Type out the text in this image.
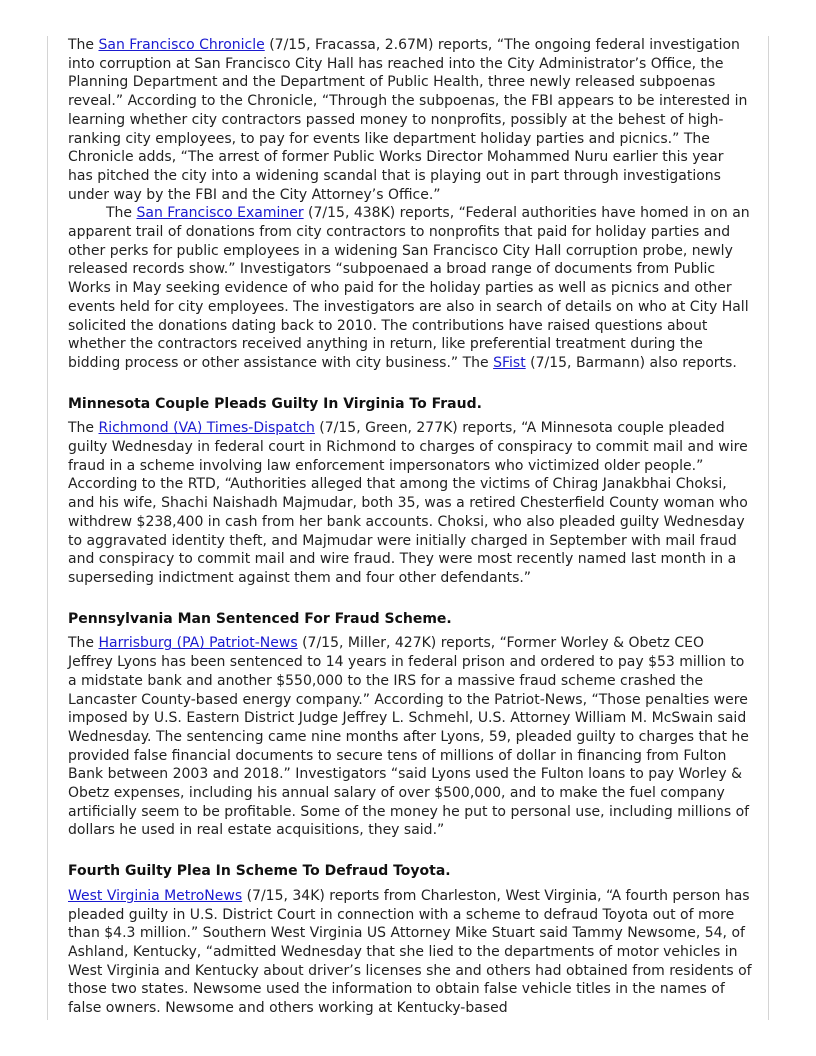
The San Francisco Chronicle (7/15, Fracassa, 2.67M) reports, “The ongoing federal investigation into corruption at San Francisco City Hall has reached into the City Administrator’s Office, the Planning Department and the Department of Public Health, three newly released subpoenas reveal.” According to the Chronicle, “Through the subpoenas, the FBI appears to be interested in learning whether city contractors passed money to nonprofits, possibly at the behest of high-ranking city employees, to pay for events like department holiday parties and picnics.” The Chronicle adds, “The arrest of former Public Works Director Mohammed Nuru earlier this year has pitched the city into a widening scandal that is playing out in part through investigations under way by the FBI and the City Attorney’s Office.”

The San Francisco Examiner (7/15, 438K) reports, “Federal authorities have homed in on an apparent trail of donations from city contractors to nonprofits that paid for holiday parties and other perks for public employees in a widening San Francisco City Hall corruption probe, newly released records show.” Investigators “subpoenaed a broad range of documents from Public Works in May seeking evidence of who paid for the holiday parties as well as picnics and other events held for city employees. The investigators are also in search of details on who at City Hall solicited the donations dating back to 2010. The contributions have raised questions about whether the contractors received anything in return, like preferential treatment during the bidding process or other assistance with city business.” The SFist (7/15, Barmann) also reports.

Minnesota Couple Pleads Guilty In Virginia To Fraud.

The Richmond (VA) Times-Dispatch (7/15, Green, 277K) reports, “A Minnesota couple pleaded guilty Wednesday in federal court in Richmond to charges of conspiracy to commit mail and wire fraud in a scheme involving law enforcement impersonators who victimized older people.” According to the RTD, “Authorities alleged that among the victims of Chirag Janakbhai Choksi, and his wife, Shachi Naishadh Majmudar, both 35, was a retired Chesterfield County woman who withdrew $238,400 in cash from her bank accounts. Choksi, who also pleaded guilty Wednesday to aggravated identity theft, and Majmudar were initially charged in September with mail fraud and conspiracy to commit mail and wire fraud. They were most recently named last month in a superseding indictment against them and four other defendants.”

Pennsylvania Man Sentenced For Fraud Scheme.

The Harrisburg (PA) Patriot-News (7/15, Miller, 427K) reports, “Former Worley & Obetz CEO Jeffrey Lyons has been sentenced to 14 years in federal prison and ordered to pay $53 million to a midstate bank and another $550,000 to the IRS for a massive fraud scheme crashed the Lancaster County-based energy company.” According to the Patriot-News, “Those penalties were imposed by U.S. Eastern District Judge Jeffrey L. Schmehl, U.S. Attorney William M. McSwain said Wednesday. The sentencing came nine months after Lyons, 59, pleaded guilty to charges that he provided false financial documents to secure tens of millions of dollar in financing from Fulton Bank between 2003 and 2018.” Investigators “said Lyons used the Fulton loans to pay Worley & Obetz expenses, including his annual salary of over $500,000, and to make the fuel company artificially seem to be profitable. Some of the money he put to personal use, including millions of dollars he used in real estate acquisitions, they said.”

Fourth Guilty Plea In Scheme To Defraud Toyota.

West Virginia MetroNews (7/15, 34K) reports from Charleston, West Virginia, “A fourth person has pleaded guilty in U.S. District Court in connection with a scheme to defraud Toyota out of more than $4.3 million.” Southern West Virginia US Attorney Mike Stuart said Tammy Newsome, 54, of Ashland, Kentucky, “admitted Wednesday that she lied to the departments of motor vehicles in West Virginia and Kentucky about driver’s licenses she and others had obtained from residents of those two states. Newsome used the information to obtain false vehicle titles in the names of false owners. Newsome and others working at Kentucky-based
